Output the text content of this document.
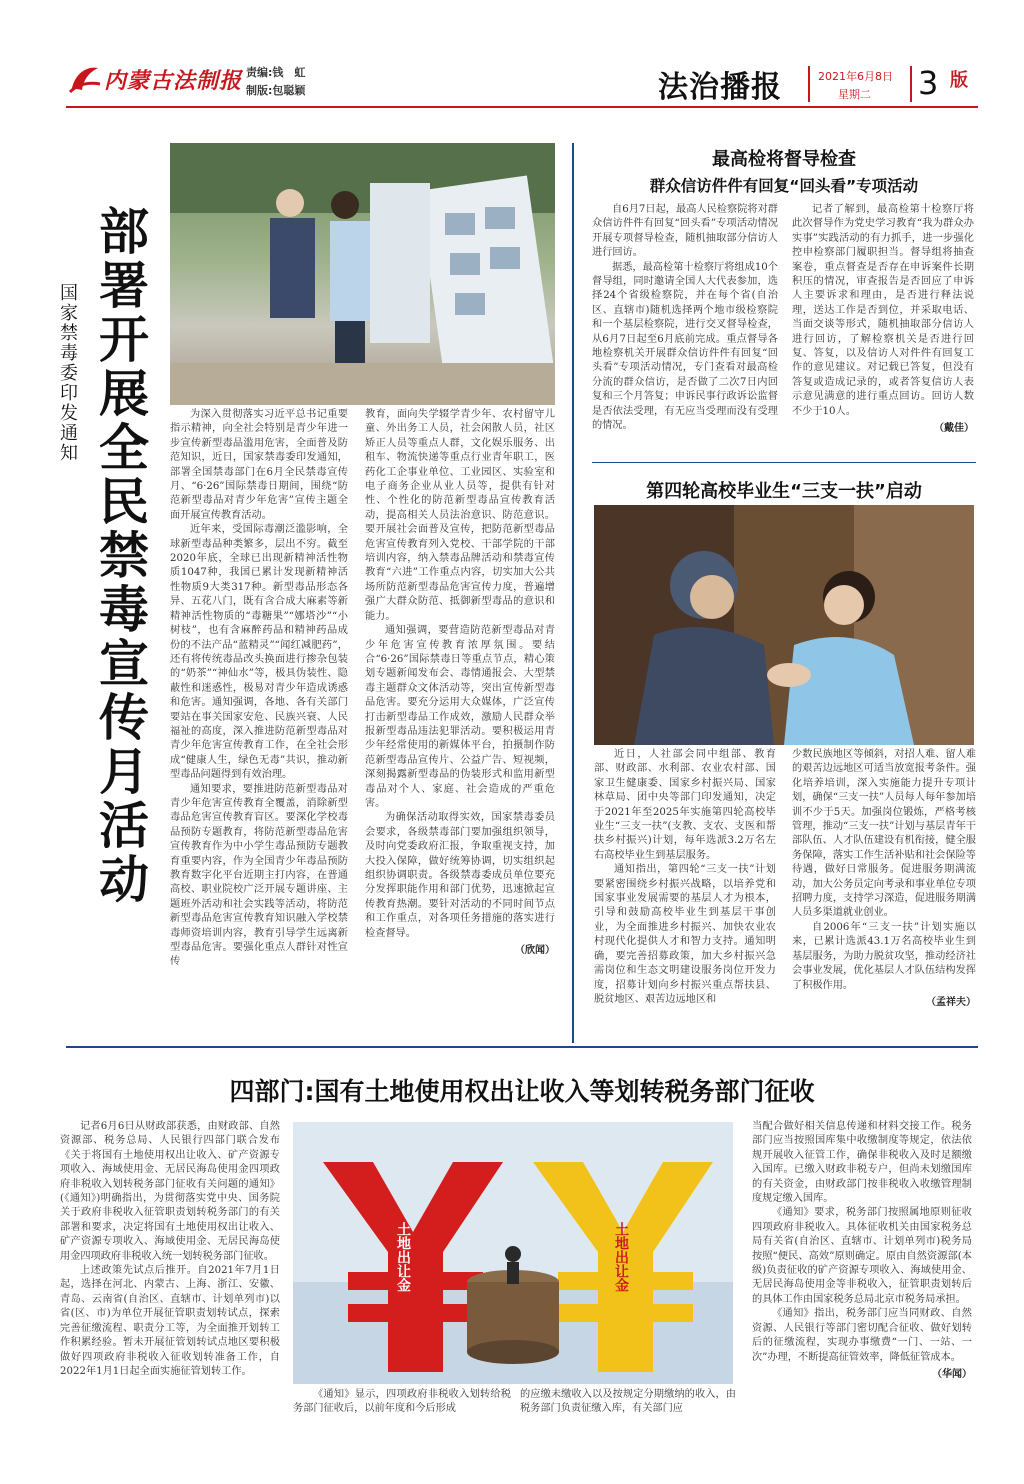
内蒙古法制报 责编:钱　虹
制版:包聪颖	法治播报	2021年6月8日
星期二 3 版
部署开展全民禁毒宣传月活动
国家禁毒委印发通知	为深入贯彻落实习近平总书记重要指示精神，向全社会特别是青少年进一步宣传新型毒品滥用危害，全面普及防范知识，近日，国家禁毒委印发通知，部署全国禁毒部门在6月全民禁毒宣传月、“6·26”国际禁毒日期间，围绕“防范新型毒品对青少年危害”宣传主题全面开展宣传教育活动。

近年来，受国际毒潮泛滥影响，全球新型毒品种类繁多，层出不穷。截至2020年底，全球已出现新精神活性物质1047种，我国已累计发现新精神活性物质9大类317种。新型毒品形态各异、五花八门，既有含合成大麻素等新精神活性物质的“毒糖果”“娜塔沙”“小树枝”，也有含麻醉药品和精神药品成份的不法产品“蓝精灵”“闻红减肥药”，还有将传统毒品改头换面进行掺杂包装的“奶茶”“神仙水”等，极具伪装性、隐蔽性和迷惑性，极易对青少年造成诱惑和危害。通知强调，各地、各有关部门要站在事关国家安危、民族兴衰、人民福祉的高度，深入推进防范新型毒品对青少年危害宣传教育工作，在全社会形成“健康人生，绿色无毒”共识，推动新型毒品问题得到有效治理。

通知要求，要推进防范新型毒品对青少年危害宣传教育全覆盖，消除新型毒品危害宣传教育盲区。要深化学校毒品预防专题教育，将防范新型毒品危害宣传教育作为中小学生毒品预防专题教育重要内容，作为全国青少年毒品预防教育数字化平台近期主打内容，在普通高校、职业院校广泛开展专题讲座、主题班外活动和社会实践等活动，将防范新型毒品危害宣传教育知识融入学校禁毒师资培训内容，教育引导学生远离新型毒品危害。要强化重点人群针对性宣传

教育，面向失学辍学青少年、农村留守儿童、外出务工人员，社会闲散人员，社区矫正人员等重点人群，文化娱乐服务、出租车、物流快递等重点行业青年职工，医药化工企事业单位、工业园区、实验室和电子商务企业从业人员等，提供有针对性、个性化的防范新型毒品宣传教育活动，提高相关人员法治意识、防范意识。要开展社会面普及宣传，把防范新型毒品危害宣传教育列入党校、干部学院的干部培训内容，纳入禁毒品牌活动和禁毒宣传教育“六进”工作重点内容，切实加大公共场所防范新型毒品危害宣传力度，普遍增强广大群众防范、抵御新型毒品的意识和能力。

通知强调，要营造防范新型毒品对青少年危害宣传教育浓厚氛围。要结合“6·26”国际禁毒日等重点节点，精心策划专题新闻发布会、毒情通报会、大型禁毒主题群众文体活动等，突出宣传新型毒品危害。要充分运用大众媒体，广泛宣传打击新型毒品工作成效，激励人民群众举报新型毒品违法犯罪活动。要积极运用青少年经常使用的新媒体平台，拍摄制作防范新型毒品宣传片、公益广告、短视频，深刻揭露新型毒品的伪装形式和监用新型毒品对个人、家庭、社会造成的严重危害。

为确保活动取得实效，国家禁毒委员会要求，各级禁毒部门要加强组织领导，及时向党委政府汇报，争取重视支持，加大投入保障，做好统筹协调，切实组织起组织协调职责。各级禁毒委成员单位要充分发挥职能作用和部门优势，迅速掀起宣传教育热潮。要针对活动的不同时间节点和工作重点，对各项任务措施的落实进行检查督导。

（欣闻）
最高检将督导检查
群众信访件件有回复“回头看”专项活动

自6月7日起，最高人民检察院将对群众信访件件有回复“回头看”专项活动情况开展专项督导检查，随机抽取部分信访人进行回访。

据悉，最高检第十检察厅将组成10个督导组，同时邀请全国人大代表参加，选择24个省级检察院，并在每个省(自治区、直辖市)随机选择两个地市级检察院和一个基层检察院，进行交叉督导检查，从6月7日起至6月底前完成。重点督导各地检察机关开展群众信访件件有回复“回头看”专项活动情况，专门查看对最高检分流的群众信访，是否做了二次7日内回复和三个月答复；申诉民事行政诉讼监督是否依法受理，有无应当受理而没有受理的情况。

记者了解到，最高检第十检察厅将此次督导作为党史学习教育“我为群众办实事”实践活动的有力抓手，进一步强化控申检察部门履职担当。督导组将抽查案卷，重点督查是否存在申诉案件长期积压的情况，审查报告是否回应了申诉人主要诉求和理由，是否进行释法说理，送达工作是否到位，并采取电话、当面交谈等形式，随机抽取部分信访人进行回访，了解检察机关是否进行回复、答复，以及信访人对件件有回复工作的意见建议。对记载已答复，但没有答复或造成记录的，或者答复信访人表示意见满意的进行重点回访。回访人数不少于10人。

（戴佳）
第四轮高校毕业生“三支一扶”启动

近日，人社部会同中组部、教育部、财政部、水利部、农业农村部、国家卫生健康委、国家乡村振兴局、国家林草局、团中央等部门印发通知，决定于2021年至2025年实施第四轮高校毕业生“三支一扶”(支教、支农、支医和帮扶乡村振兴)计划，每年选派3.2万名左右高校毕业生到基层服务。

通知指出，第四轮“三支一扶”计划要紧密围绕乡村振兴战略，以培养党和国家事业发展需要的基层人才为根本，引导和鼓励高校毕业生到基层干事创业，为全面推进乡村振兴、加快农业农村现代化提供人才和智力支持。通知明确，要完善招募政策，加大乡村振兴急需岗位和生态文明建设服务岗位开发力度，招募计划向乡村振兴重点帮扶县、脱贫地区、艰苦边远地区和

少数民族地区等倾斜，对招人难、留人难的艰苦边远地区可适当放宽报考条件。强化培养培训，深入实施能力提升专项计划，确保“三支一扶”人员每人每年参加培训不少于5天。加强岗位锻炼，严格考核管理，推动“三支一扶”计划与基层青年干部队伍、人才队伍建设有机衔接，健全服务保障，落实工作生活补贴和社会保险等待遇，做好日常服务。促进服务期满流动，加大公务员定向考录和事业单位专项招聘力度，支持学习深造，促进服务期满人员多渠道就业创业。

自2006年“三支一扶”计划实施以来，已累计选派43.1万名高校毕业生到基层服务，为助力脱贫攻坚，推动经济社会事业发展，优化基层人才队伍结构发挥了积极作用。

（孟祥夫）
四部门:国有土地使用权出让收入等划转税务部门征收

记者6月6日从财政部获悉，由财政部、自然资源部、税务总局、人民银行四部门联合发布《关于将国有土地使用权出让收入、矿产资源专项收入、海域使用金、无居民海岛使用金四项政府非税收入划转税务部门征收有关问题的通知》(《通知》)明确指出，为贯彻落实党中央、国务院关于政府非税收入征管职责划转税务部门的有关部署和要求，决定将国有土地使用权出让收入、矿产资源专项收入、海域使用金、无居民海岛使用金四项政府非税收入统一划转税务部门征收。

上述政策先试点后推开。自2021年7月1日起，选择在河北、内蒙古、上海、浙江、安徽、青岛、云南省(自治区、直辖市、计划单列市)以省(区、市)为单位开展征管职责划转试点，探索完善征缴流程、职责分工等，为全面推开划转工作积累经验。暂未开展征管划转试点地区要积极做好四项政府非税收入征收划转准备工作，自2022年1月1日起全面实施征管划转工作。

土地出让金	土地出让金

《通知》显示，四项政府非税收入划转给税务部门征收后，以前年度和今后形成

的应缴未缴收入以及按规定分期缴纳的收入，由税务部门负责征缴入库，有关部门应

当配合做好相关信息传递和材料交接工作。税务部门应当按照国库集中收缴制度等规定，依法依规开展收入征管工作，确保非税收入及时足额缴入国库。已缴入财政非税专户，但尚未划缴国库的有关资金，由财政部门按非税收入收缴管理制度规定缴入国库。

《通知》要求，税务部门按照属地原则征收四项政府非税收入。具体征收机关由国家税务总局有关省(自治区、直辖市、计划单列市)税务局按照“便民、高效”原则确定。原由自然资源部(本级)负责征收的矿产资源专项收入、海域使用金、无居民海岛使用金等非税收入，征管职责划转后的具体工作由国家税务总局北京市税务局承担。

《通知》指出，税务部门应当同财政、自然资源、人民银行等部门密切配合征收、做好划转后的征缴流程，实现办事缴费“一门、一站、一次”办理，不断提高征管效率，降低征管成本。

（华闻）
